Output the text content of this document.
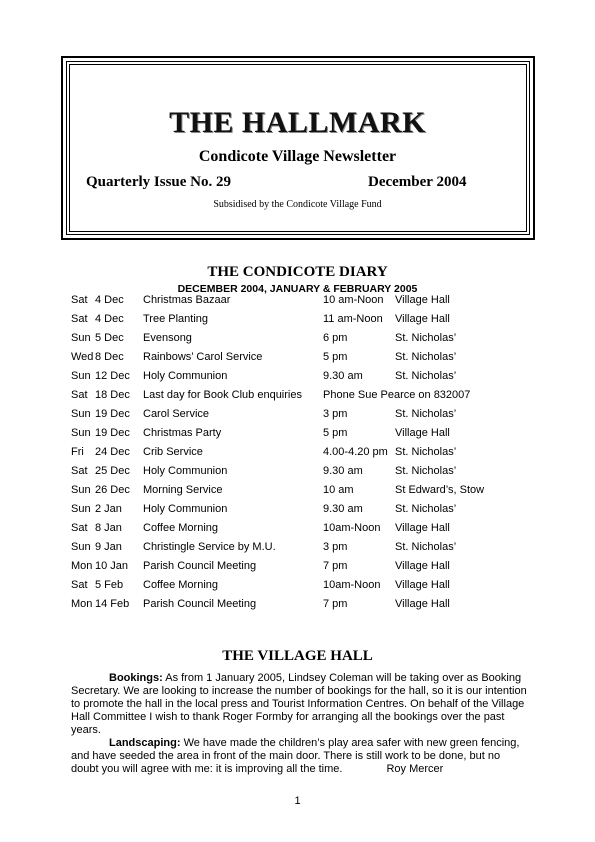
THE HALLMARK
Condicote Village Newsletter
Quarterly Issue No. 29	December 2004
Subsidised by the Condicote Village Fund
THE CONDICOTE DIARY
DECEMBER 2004, JANUARY & FEBRUARY 2005
Sat 4 Dec Christmas Bazaar	10 am-Noon Village Hall
Sat 4 Dec Tree Planting	11 am-Noon Village Hall
Sun 5 Dec Evensong	6 pm	St. Nicholas’
Wed 8 Dec Rainbows’ Carol Service	5 pm	St. Nicholas’
Sun 12 Dec Holy Communion	9.30 am	St. Nicholas’
Sat 18 Dec Last day for Book Club enquiries Phone Sue Pearce on 832007
Sun 19 Dec Carol Service	3 pm	St. Nicholas’
Sun 19 Dec Christmas Party	5 pm	Village Hall
Fri 24 Dec Crib Service	4.00-4.20 pm St. Nicholas’
Sat 25 Dec Holy Communion	9.30 am	St. Nicholas’
Sun 26 Dec Morning Service	10 am	St Edward’s, Stow
Sun 2 Jan Holy Communion	9.30 am	St. Nicholas’
Sat 8 Jan Coffee Morning	10am-Noon Village Hall
Sun 9 Jan Christingle Service by M.U.	3 pm	St. Nicholas’
Mon 10 Jan Parish Council Meeting	7 pm	Village Hall
Sat 5 Feb Coffee Morning	10am-Noon Village Hall
Mon 14 Feb Parish Council Meeting	7 pm	Village Hall
THE VILLAGE HALL

Bookings: As from 1 January 2005, Lindsey Coleman will be taking over as Booking Secretary. We are looking to increase the number of bookings for the hall, so it is our intention to promote the hall in the local press and Tourist Information Centres. On behalf of the Village Hall Committee I wish to thank Roger Formby for arranging all the bookings over the past years.

Landscaping: We have made the children’s play area safer with new green fencing, and have seeded the area in front of the main door. There is still work to be done, but no doubt you will agree with me: it is improving all the time.	Roy Mercer

1
